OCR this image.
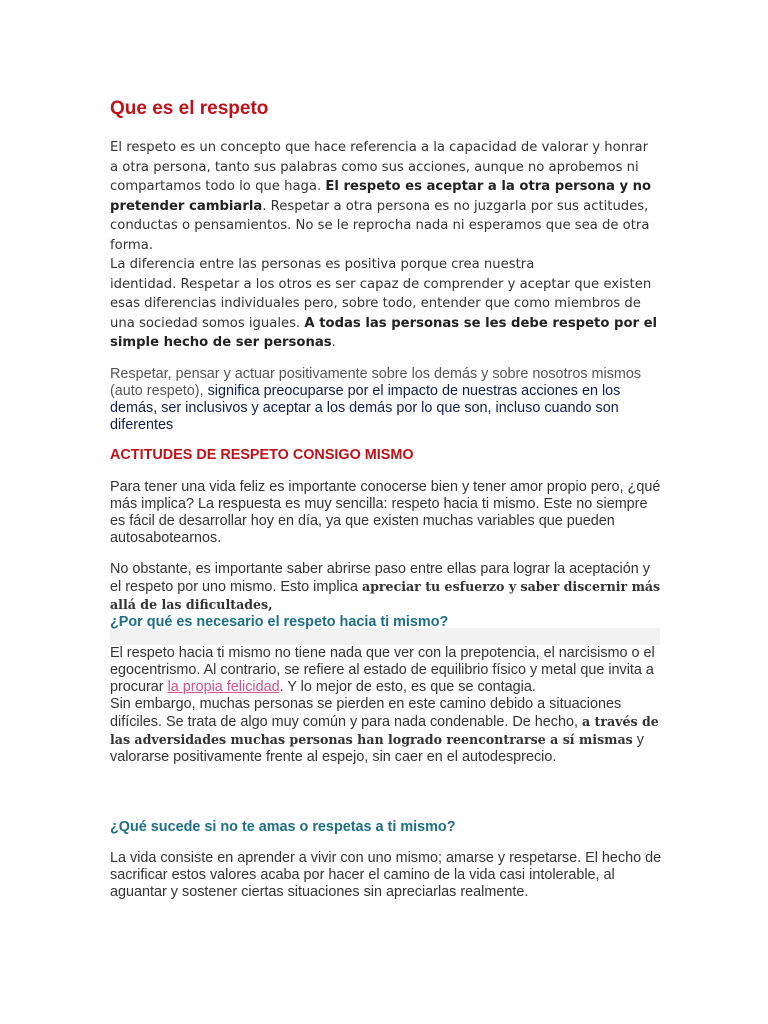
Que es el respeto

El respeto es un concepto que hace referencia a la capacidad de valorar y honrar a otra persona, tanto sus palabras como sus acciones, aunque no aprobemos ni compartamos todo lo que haga. El respeto es aceptar a la otra persona y no pretender cambiarla. Respetar a otra persona es no juzgarla por sus actitudes, conductas o pensamientos. No se le reprocha nada ni esperamos que sea de otra forma.
La diferencia entre las personas es positiva porque crea nuestra
identidad. Respetar a los otros es ser capaz de comprender y aceptar que existen esas diferencias individuales pero, sobre todo, entender que como miembros de una sociedad somos iguales. A todas las personas se les debe respeto por el simple hecho de ser personas.

Respetar, pensar y actuar positivamente sobre los demás y sobre nosotros mismos (auto respeto), significa preocuparse por el impacto de nuestras acciones en los demás, ser inclusivos y aceptar a los demás por lo que son, incluso cuando son diferentes

ACTITUDES DE RESPETO CONSIGO MISMO

Para tener una vida feliz es importante conocerse bien y tener amor propio pero, ¿qué más implica? La respuesta es muy sencilla: respeto hacia ti mismo. Este no siempre es fácil de desarrollar hoy en día, ya que existen muchas variables que pueden autosabotearnos.

No obstante, es importante saber abrirse paso entre ellas para lograr la aceptación y el respeto por uno mismo. Esto implica apreciar tu esfuerzo y saber discernir más allá de las dificultades,
¿Por qué es necesario el respeto hacia ti mismo?

El respeto hacia ti mismo no tiene nada que ver con la prepotencia, el narcisismo o el egocentrismo. Al contrario, se refiere al estado de equilibrio físico y metal que invita a procurar la propia felicidad. Y lo mejor de esto, es que se contagia.
Sin embargo, muchas personas se pierden en este camino debido a situaciones difíciles. Se trata de algo muy común y para nada condenable. De hecho, a través de las adversidades muchas personas han logrado reencontrarse a sí mismas y valorarse positivamente frente al espejo, sin caer en el autodesprecio.

¿Qué sucede si no te amas o respetas a ti mismo?

La vida consiste en aprender a vivir con uno mismo; amarse y respetarse. El hecho de sacrificar estos valores acaba por hacer el camino de la vida casi intolerable, al aguantar y sostener ciertas situaciones sin apreciarlas realmente.
